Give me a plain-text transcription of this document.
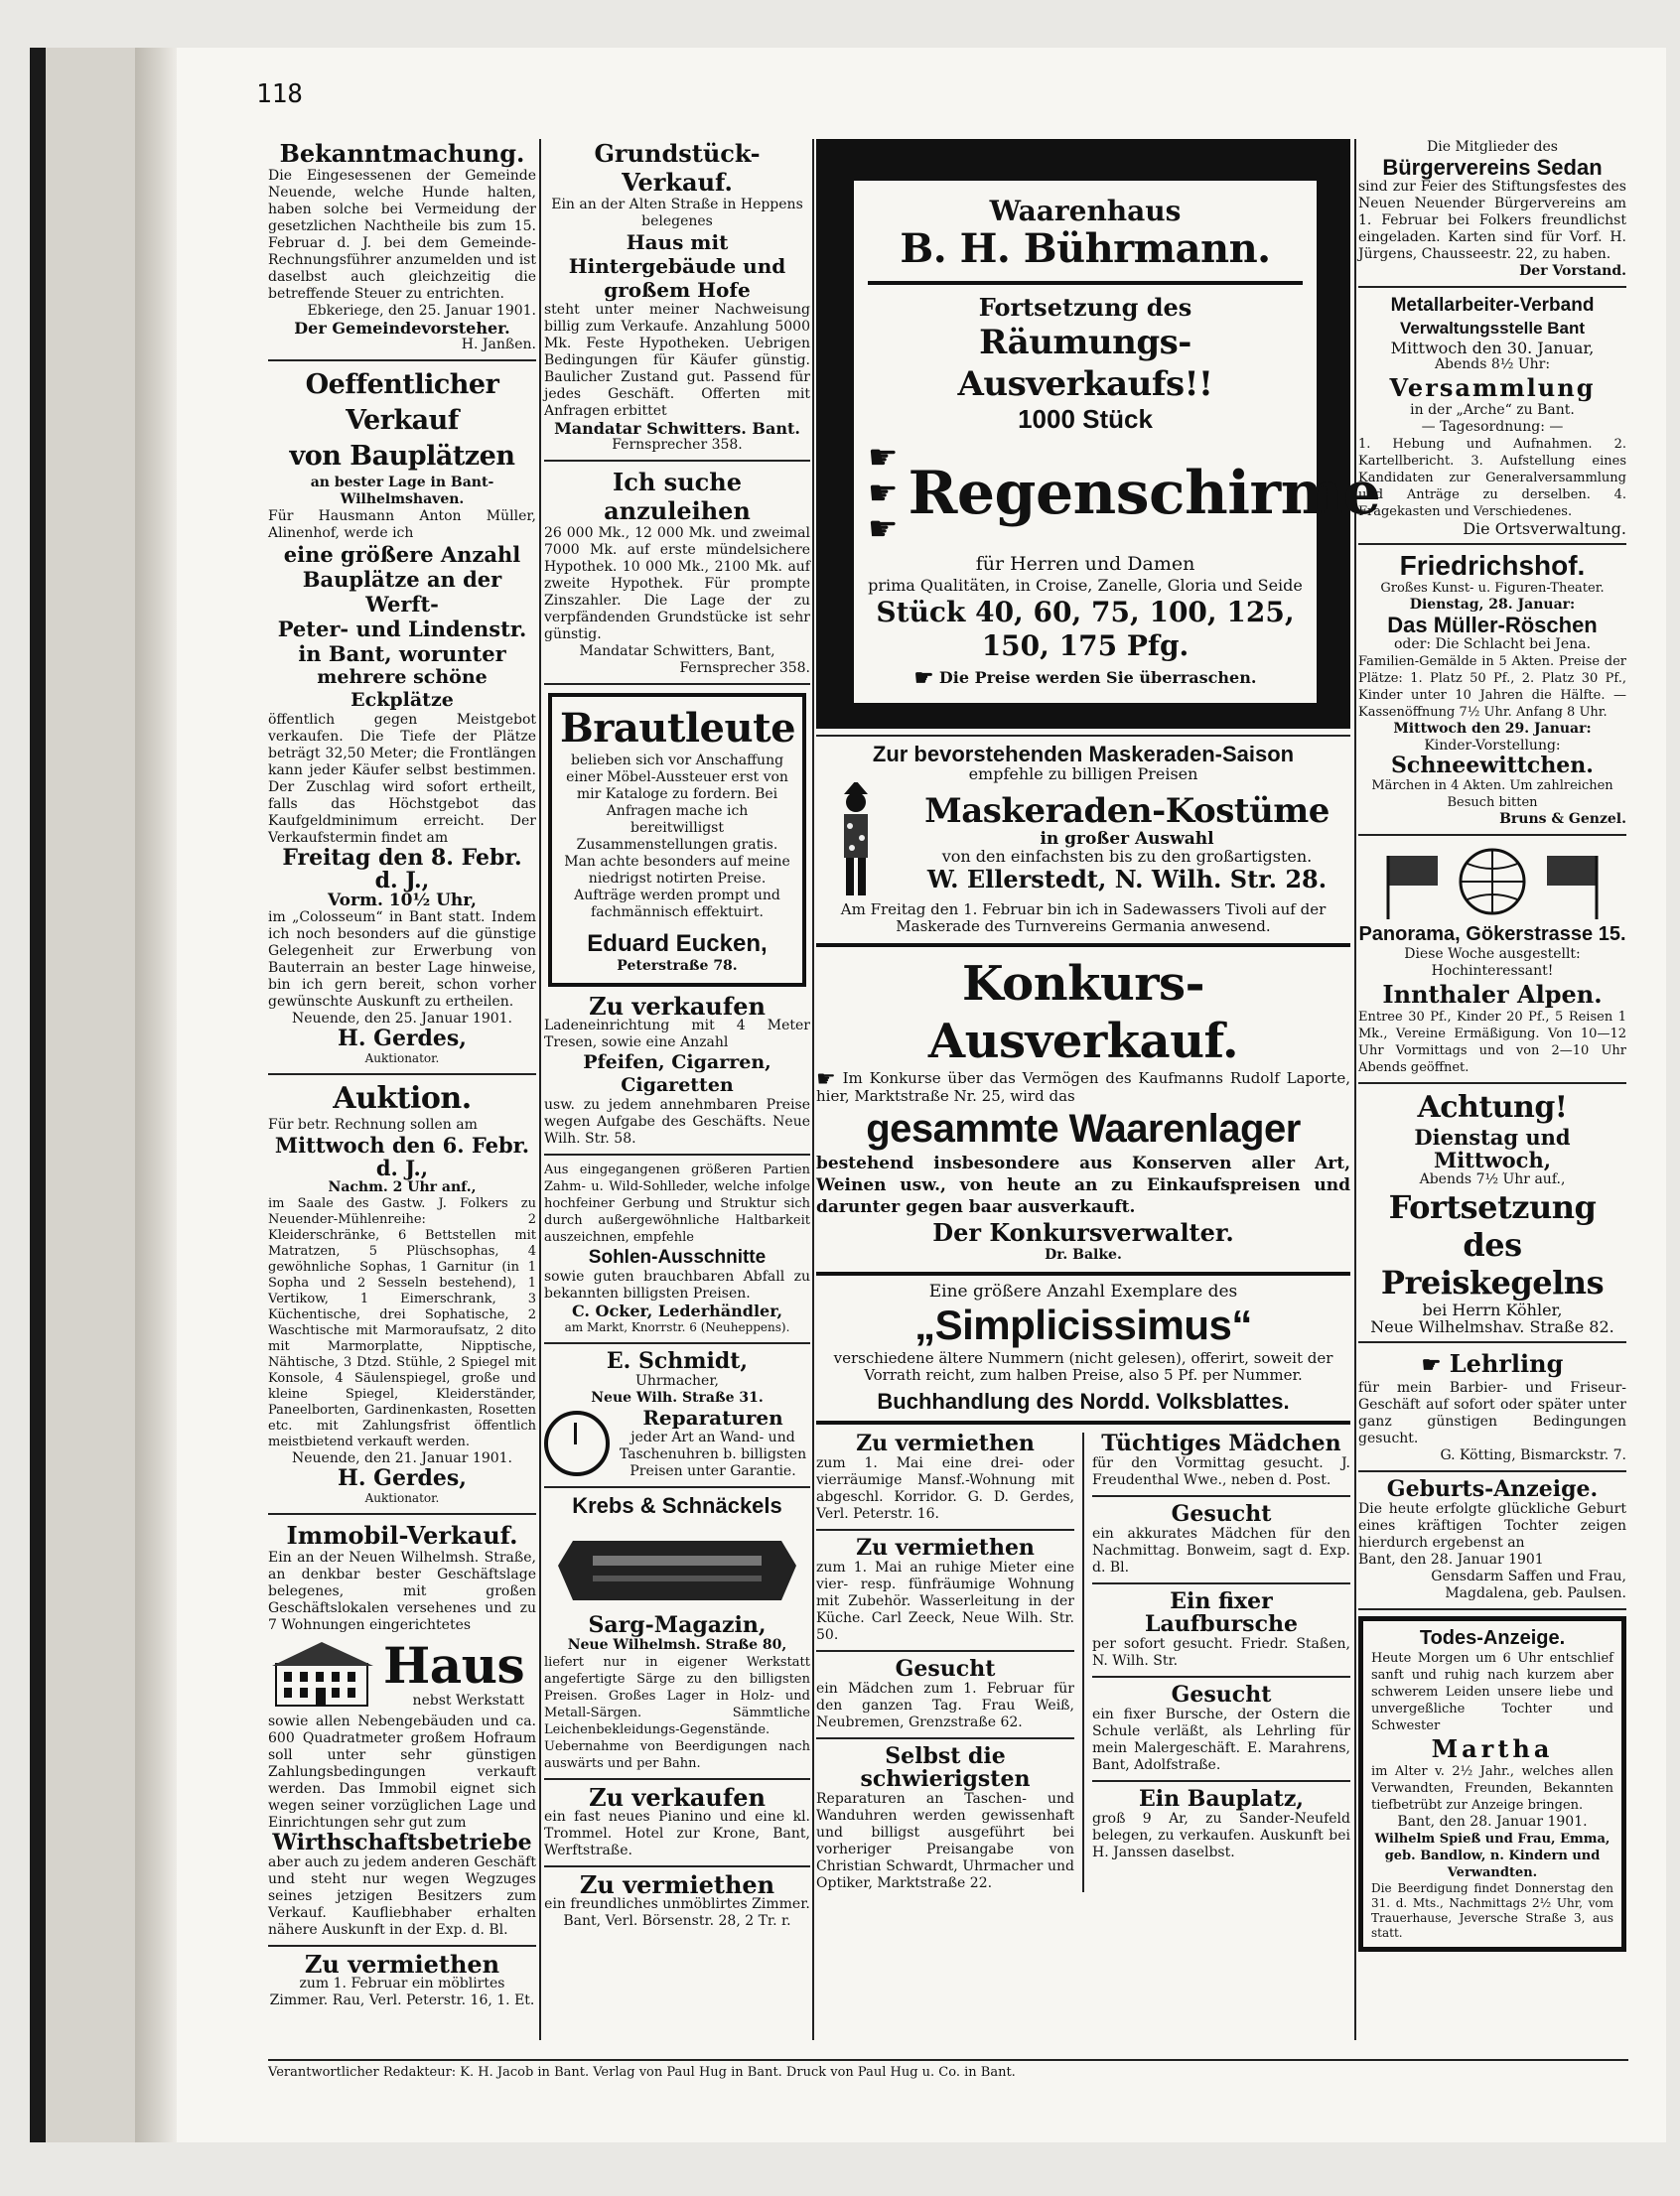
118

Bekanntmachung.

Die Eingesessenen der Gemeinde Neuende, welche Hunde halten, haben solche bei Vermeidung der gesetzlichen Nachtheile bis zum 15. Februar d. J. bei dem Gemeinde-Rechnungsführer anzumelden und ist daselbst auch gleichzeitig die betreffende Steuer zu entrichten.

Ebkeriege, den 25. Januar 1901.

Der Gemeindevorsteher.

H. Janßen.

Oeffentlicher Verkauf

von Bauplätzen

an bester Lage in Bant-Wilhelmshaven.

Für Hausmann Anton Müller, Alinenhof, werde ich

eine größere Anzahl

Bauplätze an der Werft-

Peter- und Lindenstr.

in Bant, worunter

mehrere schöne Eckplätze

öffentlich gegen Meistgebot verkaufen. Die Tiefe der Plätze beträgt 32,50 Meter; die Frontlängen kann jeder Käufer selbst bestimmen. Der Zuschlag wird sofort ertheilt, falls das Höchstgebot das Kaufgeldminimum erreicht. Der Verkaufstermin findet am

Freitag den 8. Febr. d. J.,

Vorm. 10½ Uhr,

im „Colosseum“ in Bant statt. Indem ich noch besonders auf die günstige Gelegenheit zur Erwerbung von Bauterrain an bester Lage hinweise, bin ich gern bereit, schon vorher gewünschte Auskunft zu ertheilen.

Neuende, den 25. Januar 1901.

H. Gerdes,

Auktionator.

Auktion.

Für betr. Rechnung sollen am

Mittwoch den 6. Febr. d. J.,

Nachm. 2 Uhr anf.,

im Saale des Gastw. J. Folkers zu Neuender-Mühlenreihe: 2 Kleiderschränke, 6 Bettstellen mit Matratzen, 5 Plüschsophas, 4 gewöhnliche Sophas, 1 Garnitur (in 1 Sopha und 2 Sesseln bestehend), 1 Vertikow, 1 Eimerschrank, 3 Küchentische, drei Sophatische, 2 Waschtische mit Marmoraufsatz, 2 dito mit Marmorplatte, Nipptische, Nähtische, 3 Dtzd. Stühle, 2 Spiegel mit Konsole, 4 Säulenspiegel, große und kleine Spiegel, Kleiderständer, Paneelborten, Gardinenkasten, Rosetten etc. mit Zahlungsfrist öffentlich meistbietend verkauft werden.

Neuende, den 21. Januar 1901.

H. Gerdes,

Auktionator.

Immobil-Verkauf.

Ein an der Neuen Wilhelmsh. Straße, an denkbar bester Geschäftslage belegenes, mit großen Geschäftslokalen versehenes und zu 7 Wohnungen eingerichtetes

Haus

nebst Werkstatt

sowie allen Nebengebäuden und ca. 600 Quadratmeter großem Hofraum soll unter sehr günstigen Zahlungsbedingungen verkauft werden. Das Immobil eignet sich wegen seiner vorzüglichen Lage und Einrichtungen sehr gut zum

Wirthschaftsbetriebe

aber auch zu jedem anderen Geschäft und steht nur wegen Wegzuges seines jetzigen Besitzers zum Verkauf. Kaufliebhaber erhalten nähere Auskunft in der Exp. d. Bl.

Zu vermiethen

zum 1. Februar ein möblirtes Zimmer. Rau, Verl. Peterstr. 16, 1. Et.

Grundstück-Verkauf.

Ein an der Alten Straße in Heppens belegenes

Haus mit Hintergebäude und großem Hofe

steht unter meiner Nachweisung billig zum Verkaufe. Anzahlung 5000 Mk. Feste Hypotheken. Uebrigen Bedingungen für Käufer günstig. Baulicher Zustand gut. Passend für jedes Geschäft. Offerten mit Anfragen erbittet

Mandatar Schwitters. Bant.

Fernsprecher 358.

Ich suche anzuleihen

26 000 Mk., 12 000 Mk. und zweimal 7000 Mk. auf erste mündelsichere Hypothek. 10 000 Mk., 2100 Mk. auf zweite Hypothek. Für prompte Zinszahler. Die Lage der zu verpfändenden Grundstücke ist sehr günstig.

Mandatar Schwitters, Bant,

Fernsprecher 358.

Brautleute

belieben sich vor Anschaffung einer Möbel-Aussteuer erst von mir Kataloge zu fordern. Bei Anfragen mache ich bereitwilligst Zusammenstellungen gratis. Man achte besonders auf meine niedrigst notirten Preise. Aufträge werden prompt und fachmännisch effektuirt.

Eduard Eucken,

Peterstraße 78.

Zu verkaufen

Ladeneinrichtung mit 4 Meter Tresen, sowie eine Anzahl

Pfeifen, Cigarren, Cigaretten

usw. zu jedem annehmbaren Preise wegen Aufgabe des Geschäfts. Neue Wilh. Str. 58.

Aus eingegangenen größeren Partien Zahm- u. Wild-Sohlleder, welche infolge hochfeiner Gerbung und Struktur sich durch außergewöhnliche Haltbarkeit auszeichnen, empfehle

Sohlen-Ausschnitte

sowie guten brauchbaren Abfall zu bekannten billigsten Preisen.

C. Ocker, Lederhändler,

am Markt, Knorrstr. 6 (Neuheppens).

E. Schmidt,

Uhrmacher,

Neue Wilh. Straße 31.

Reparaturen

jeder Art an Wand- und Taschenuhren b. billigsten Preisen unter Garantie.

Krebs & Schnäckels

Sarg-Magazin,

Neue Wilhelmsh. Straße 80,

liefert nur in eigener Werkstatt angefertigte Särge zu den billigsten Preisen. Großes Lager in Holz- und Metall-Särgen. Sämmtliche Leichenbekleidungs-Gegenstände. Uebernahme von Beerdigungen nach auswärts und per Bahn.

Zu verkaufen

ein fast neues Pianino und eine kl. Trommel. Hotel zur Krone, Bant, Werftstraße.

Zu vermiethen

ein freundliches unmöblirtes Zimmer. Bant, Verl. Börsenstr. 28, 2 Tr. r.

Waarenhaus

B. H. Bührmann.

Fortsetzung des

Räumungs-Ausverkaufs!!

1000 Stück

☛
☛
☛

Regenschirme

für Herren und Damen

prima Qualitäten, in Croise, Zanelle, Gloria und Seide

Stück 40, 60, 75, 100, 125,

150, 175 Pfg.

☛ Die Preise werden Sie überraschen.

Zur bevorstehenden Maskeraden-Saison

empfehle zu billigen Preisen

Maskeraden-Kostüme

in großer Auswahl

von den einfachsten bis zu den großartigsten.

W. Ellerstedt, N. Wilh. Str. 28.

Am Freitag den 1. Februar bin ich in Sadewassers Tivoli auf der Maskerade des Turnvereins Germania anwesend.

Konkurs-Ausverkauf.

☛ Im Konkurse über das Vermögen des Kaufmanns Rudolf Laporte, hier, Marktstraße Nr. 25, wird das

gesammte Waarenlager

bestehend insbesondere aus Konserven aller Art, Weinen usw., von heute an zu Einkaufspreisen und darunter gegen baar ausverkauft.

Der Konkursverwalter.

Dr. Balke.

Eine größere Anzahl Exemplare des

„Simplicissimus“

verschiedene ältere Nummern (nicht gelesen), offerirt, soweit der Vorrath reicht, zum halben Preise, also 5 Pf. per Nummer.

Buchhandlung des Nordd. Volksblattes.

Zu vermiethen

zum 1. Mai eine drei- oder vierräumige Mansf.-Wohnung mit abgeschl. Korridor. G. D. Gerdes, Verl. Peterstr. 16.

Zu vermiethen

zum 1. Mai an ruhige Mieter eine vier- resp. fünfräumige Wohnung mit Zubehör. Wasserleitung in der Küche. Carl Zeeck, Neue Wilh. Str. 50.

Gesucht

ein Mädchen zum 1. Februar für den ganzen Tag. Frau Weiß, Neubremen, Grenzstraße 62.

Selbst die schwierigsten

Reparaturen an Taschen- und Wanduhren werden gewissenhaft und billigst ausgeführt bei vorheriger Preisangabe von Christian Schwardt, Uhrmacher und Optiker, Marktstraße 22.

Tüchtiges Mädchen

für den Vormittag gesucht. J. Freudenthal Wwe., neben d. Post.

Gesucht

ein akkurates Mädchen für den Nachmittag. Bonweim, sagt d. Exp. d. Bl.

Ein fixer Laufbursche

per sofort gesucht. Friedr. Staßen, N. Wilh. Str.

Gesucht

ein fixer Bursche, der Ostern die Schule verläßt, als Lehrling für mein Malergeschäft. E. Marahrens, Bant, Adolfstraße.

Ein Bauplatz,

groß 9 Ar, zu Sander-Neufeld belegen, zu verkaufen. Auskunft bei H. Janssen daselbst.

Die Mitglieder des

Bürgervereins Sedan

sind zur Feier des Stiftungsfestes des Neuen Neuender Bürgervereins am 1. Februar bei Folkers freundlichst eingeladen. Karten sind für Vorf. H. Jürgens, Chausseestr. 22, zu haben.

Der Vorstand.

Metallarbeiter-Verband

Verwaltungsstelle Bant

Mittwoch den 30. Januar,

Abends 8½ Uhr:

Versammlung

in der „Arche“ zu Bant.

— Tagesordnung: —

1. Hebung und Aufnahmen. 2. Kartellbericht. 3. Aufstellung eines Kandidaten zur Generalversammlung und Anträge zu derselben. 4. Fragekasten und Verschiedenes.

Die Ortsverwaltung.

Friedrichshof.

Großes Kunst- u. Figuren-Theater.

Dienstag, 28. Januar:

Das Müller-Röschen

oder: Die Schlacht bei Jena.

Familien-Gemälde in 5 Akten. Preise der Plätze: 1. Platz 50 Pf., 2. Platz 30 Pf., Kinder unter 10 Jahren die Hälfte. — Kassenöffnung 7½ Uhr. Anfang 8 Uhr.

Mittwoch den 29. Januar:

Kinder-Vorstellung:

Schneewittchen.

Märchen in 4 Akten. Um zahlreichen Besuch bitten

Bruns & Genzel.

Panorama, Gökerstrasse 15.

Diese Woche ausgestellt: Hochinteressant!

Innthaler Alpen.

Entree 30 Pf., Kinder 20 Pf., 5 Reisen 1 Mk., Vereine Ermäßigung. Von 10—12 Uhr Vormittags und von 2—10 Uhr Abends geöffnet.

Achtung!

Dienstag und Mittwoch,

Abends 7½ Uhr auf.,

Fortsetzung des

Preiskegelns

bei Herrn Köhler,

Neue Wilhelmshav. Straße 82.

☛ Lehrling

für mein Barbier- und Friseur-Geschäft auf sofort oder später unter ganz günstigen Bedingungen gesucht.

G. Kötting, Bismarckstr. 7.

Geburts-Anzeige.

Die heute erfolgte glückliche Geburt eines kräftigen Tochter zeigen hierdurch ergebenst an

Bant, den 28. Januar 1901

Gensdarm Saffen und Frau, Magdalena, geb. Paulsen.

Todes-Anzeige.

Heute Morgen um 6 Uhr entschlief sanft und ruhig nach kurzem aber schwerem Leiden unsere liebe und unvergeßliche Tochter und Schwester

Martha

im Alter v. 2½ Jahr., welches allen Verwandten, Freunden, Bekannten tiefbetrübt zur Anzeige bringen.

Bant, den 28. Januar 1901.

Wilhelm Spieß und Frau, Emma, geb. Bandlow, n. Kindern und Verwandten.

Die Beerdigung findet Donnerstag den 31. d. Mts., Nachmittags 2½ Uhr, vom Trauerhause, Jeversche Straße 3, aus statt.

Verantwortlicher Redakteur: K. H. Jacob in Bant. Verlag von Paul Hug in Bant. Druck von Paul Hug u. Co. in Bant.
